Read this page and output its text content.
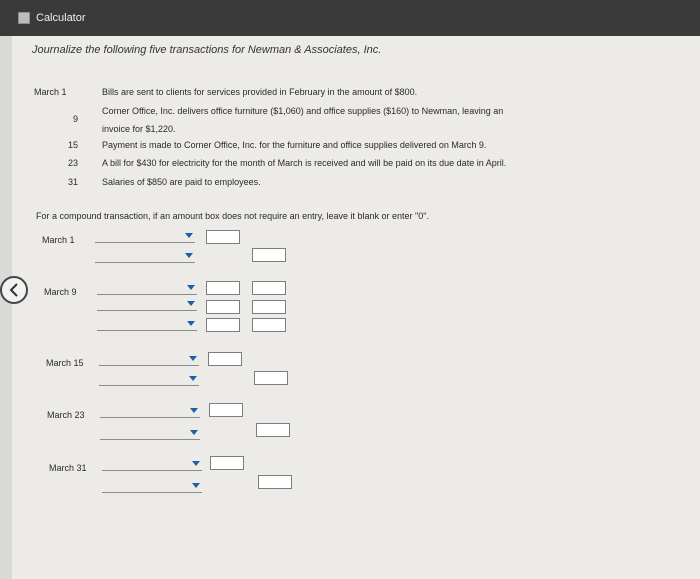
Calculator
Journalize the following five transactions for Newman & Associates, Inc.
March 1
9
15
23
31
Bills are sent to clients for services provided in February in the amount of $800.
Corner Office, Inc. delivers office furniture ($1,060) and office supplies ($160) to Newman, leaving an
invoice for $1,220.
Payment is made to Corner Office, Inc. for the furniture and office supplies delivered on March 9.
A bill for $430 for electricity for the month of March is received and will be paid on its due date in April.
Salaries of $850 are paid to employees.
For a compound transaction, if an amount box does not require an entry, leave it blank or enter "0".
March 1
March 9
March 15
March 23
March 31
